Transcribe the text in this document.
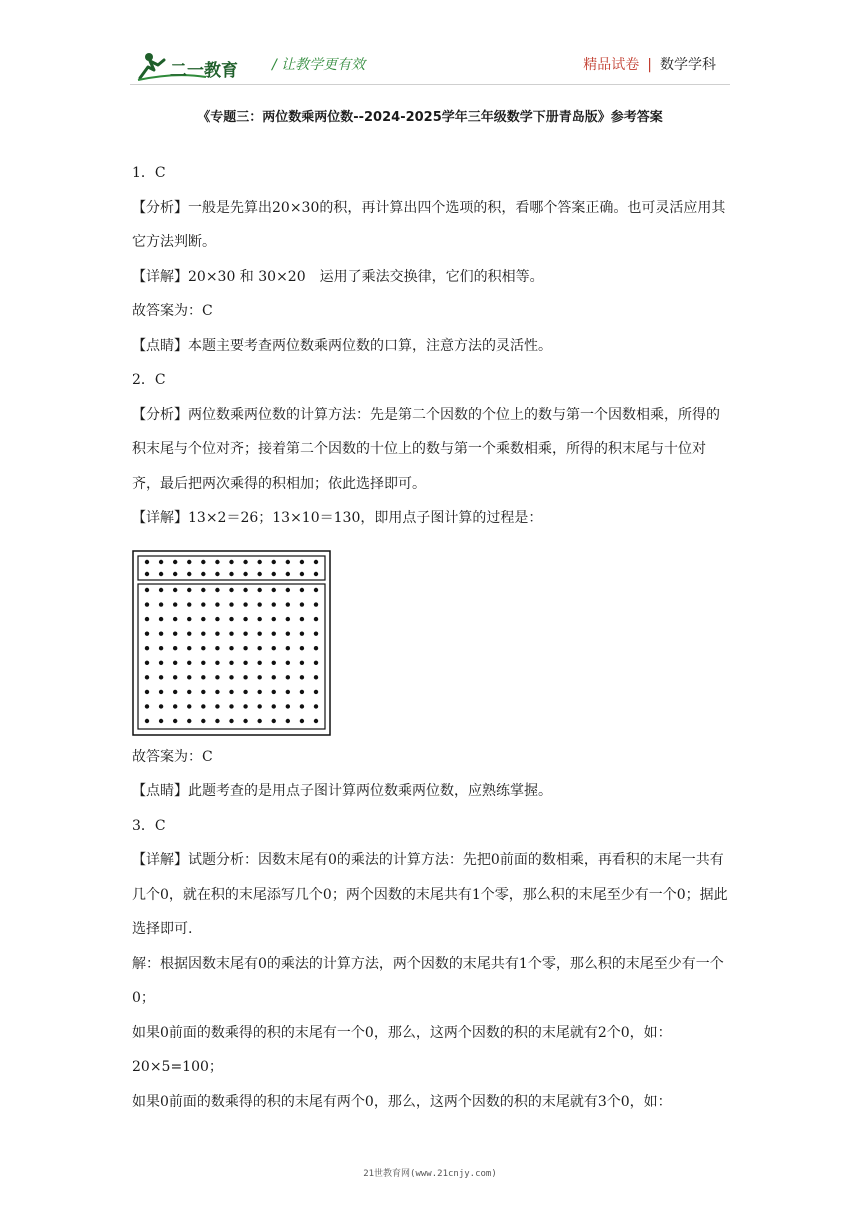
二一教育 / 让教学更有效	精品试卷 | 数学学科
《专题三：两位数乘两位数--2024-2025学年三年级数学下册青岛版》参考答案

1．C

【分析】一般是先算出20×30的积，再计算出四个选项的积，看哪个答案正确。也可灵活应用其它方法判断。

【详解】20×30 和 30×20　运用了乘法交换律，它们的积相等。

故答案为：C

【点睛】本题主要考查两位数乘两位数的口算，注意方法的灵活性。

2．C

【分析】两位数乘两位数的计算方法：先是第二个因数的个位上的数与第一个因数相乘，所得的积末尾与个位对齐；接着第二个因数的十位上的数与第一个乘数相乘，所得的积末尾与十位对齐，最后把两次乘得的积相加；依此选择即可。

【详解】13×2＝26；13×10＝130，即用点子图计算的过程是：

故答案为：C

【点睛】此题考查的是用点子图计算两位数乘两位数，应熟练掌握。

3．C

【详解】试题分析：因数末尾有0的乘法的计算方法：先把0前面的数相乘，再看积的末尾一共有几个0，就在积的末尾添写几个0；两个因数的末尾共有1个零，那么积的末尾至少有一个0；据此选择即可.

解：根据因数末尾有0的乘法的计算方法，两个因数的末尾共有1个零，那么积的末尾至少有一个0；

如果0前面的数乘得的积的末尾有一个0，那么，这两个因数的积的末尾就有2个0，如：

20×5=100；

如果0前面的数乘得的积的末尾有两个0，那么，这两个因数的积的末尾就有3个0，如：

21世教育网(www.21cnjy.com)
